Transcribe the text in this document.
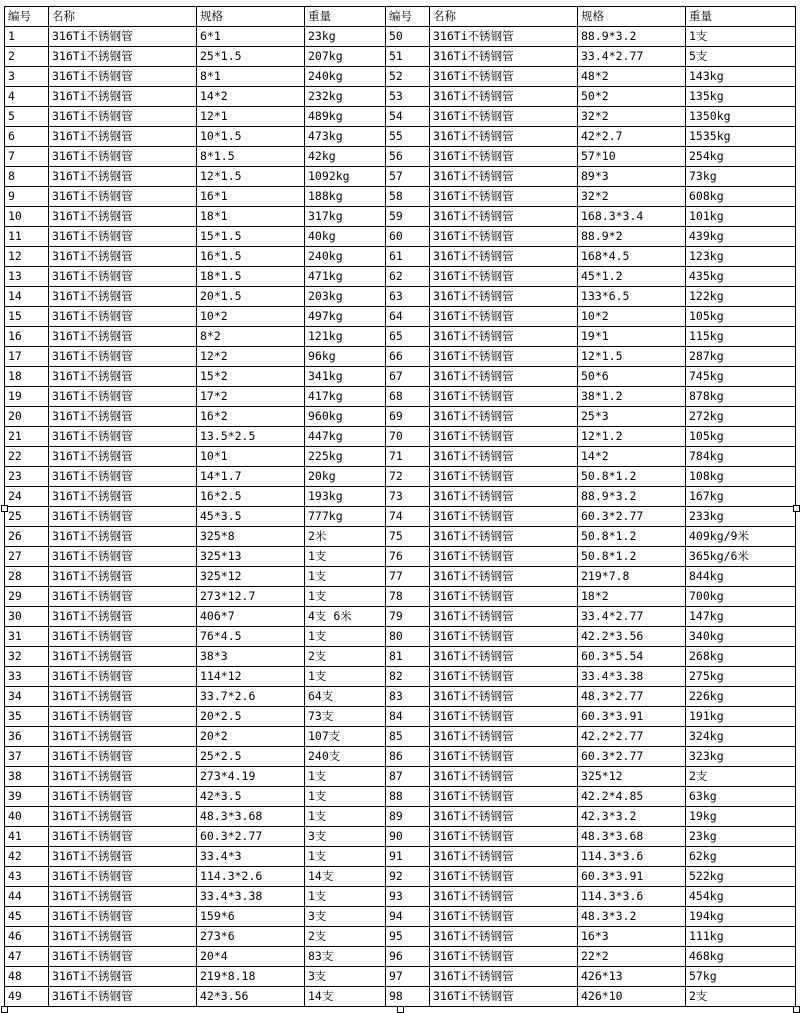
编号	名称	规格	重量	编号	名称	规格	重量
1	316Ti不锈钢管	6*1	23kg	50	316Ti不锈钢管	88.9*3.2	1支
2	316Ti不锈钢管	25*1.5	207kg	51	316Ti不锈钢管	33.4*2.77	5支
3	316Ti不锈钢管	8*1	240kg	52	316Ti不锈钢管	48*2	143kg
4	316Ti不锈钢管	14*2	232kg	53	316Ti不锈钢管	50*2	135kg
5	316Ti不锈钢管	12*1	489kg	54	316Ti不锈钢管	32*2	1350kg
6	316Ti不锈钢管	10*1.5	473kg	55	316Ti不锈钢管	42*2.7	1535kg
7	316Ti不锈钢管	8*1.5	42kg	56	316Ti不锈钢管	57*10	254kg
8	316Ti不锈钢管	12*1.5	1092kg	57	316Ti不锈钢管	89*3	73kg
9	316Ti不锈钢管	16*1	188kg	58	316Ti不锈钢管	32*2	608kg
10	316Ti不锈钢管	18*1	317kg	59	316Ti不锈钢管	168.3*3.4	101kg
11	316Ti不锈钢管	15*1.5	40kg	60	316Ti不锈钢管	88.9*2	439kg
12	316Ti不锈钢管	16*1.5	240kg	61	316Ti不锈钢管	168*4.5	123kg
13	316Ti不锈钢管	18*1.5	471kg	62	316Ti不锈钢管	45*1.2	435kg
14	316Ti不锈钢管	20*1.5	203kg	63	316Ti不锈钢管	133*6.5	122kg
15	316Ti不锈钢管	10*2	497kg	64	316Ti不锈钢管	10*2	105kg
16	316Ti不锈钢管	8*2	121kg	65	316Ti不锈钢管	19*1	115kg
17	316Ti不锈钢管	12*2	96kg	66	316Ti不锈钢管	12*1.5	287kg
18	316Ti不锈钢管	15*2	341kg	67	316Ti不锈钢管	50*6	745kg
19	316Ti不锈钢管	17*2	417kg	68	316Ti不锈钢管	38*1.2	878kg
20	316Ti不锈钢管	16*2	960kg	69	316Ti不锈钢管	25*3	272kg
21	316Ti不锈钢管	13.5*2.5	447kg	70	316Ti不锈钢管	12*1.2	105kg
22	316Ti不锈钢管	10*1	225kg	71	316Ti不锈钢管	14*2	784kg
23	316Ti不锈钢管	14*1.7	20kg	72	316Ti不锈钢管	50.8*1.2	108kg
24	316Ti不锈钢管	16*2.5	193kg	73	316Ti不锈钢管	88.9*3.2	167kg
25	316Ti不锈钢管	45*3.5	777kg	74	316Ti不锈钢管	60.3*2.77	233kg
26	316Ti不锈钢管	325*8	2米	75	316Ti不锈钢管	50.8*1.2	409kg/9米
27	316Ti不锈钢管	325*13	1支	76	316Ti不锈钢管	50.8*1.2	365kg/6米
28	316Ti不锈钢管	325*12	1支	77	316Ti不锈钢管	219*7.8	844kg
29	316Ti不锈钢管	273*12.7	1支	78	316Ti不锈钢管	18*2	700kg
30	316Ti不锈钢管	406*7	4支 6米	79	316Ti不锈钢管	33.4*2.77	147kg
31	316Ti不锈钢管	76*4.5	1支	80	316Ti不锈钢管	42.2*3.56	340kg
32	316Ti不锈钢管	38*3	2支	81	316Ti不锈钢管	60.3*5.54	268kg
33	316Ti不锈钢管	114*12	1支	82	316Ti不锈钢管	33.4*3.38	275kg
34	316Ti不锈钢管	33.7*2.6	64支	83	316Ti不锈钢管	48.3*2.77	226kg
35	316Ti不锈钢管	20*2.5	73支	84	316Ti不锈钢管	60.3*3.91	191kg
36	316Ti不锈钢管	20*2	107支	85	316Ti不锈钢管	42.2*2.77	324kg
37	316Ti不锈钢管	25*2.5	240支	86	316Ti不锈钢管	60.3*2.77	323kg
38	316Ti不锈钢管	273*4.19	1支	87	316Ti不锈钢管	325*12	2支
39	316Ti不锈钢管	42*3.5	1支	88	316Ti不锈钢管	42.2*4.85	63kg
40	316Ti不锈钢管	48.3*3.68	1支	89	316Ti不锈钢管	42.3*3.2	19kg
41	316Ti不锈钢管	60.3*2.77	3支	90	316Ti不锈钢管	48.3*3.68	23kg
42	316Ti不锈钢管	33.4*3	1支	91	316Ti不锈钢管	114.3*3.6	62kg
43	316Ti不锈钢管	114.3*2.6	14支	92	316Ti不锈钢管	60.3*3.91	522kg
44	316Ti不锈钢管	33.4*3.38	1支	93	316Ti不锈钢管	114.3*3.6	454kg
45	316Ti不锈钢管	159*6	3支	94	316Ti不锈钢管	48.3*3.2	194kg
46	316Ti不锈钢管	273*6	2支	95	316Ti不锈钢管	16*3	111kg
47	316Ti不锈钢管	20*4	83支	96	316Ti不锈钢管	22*2	468kg
48	316Ti不锈钢管	219*8.18	3支	97	316Ti不锈钢管	426*13	57kg
49	316Ti不锈钢管	42*3.56	14支	98	316Ti不锈钢管	426*10	2支
